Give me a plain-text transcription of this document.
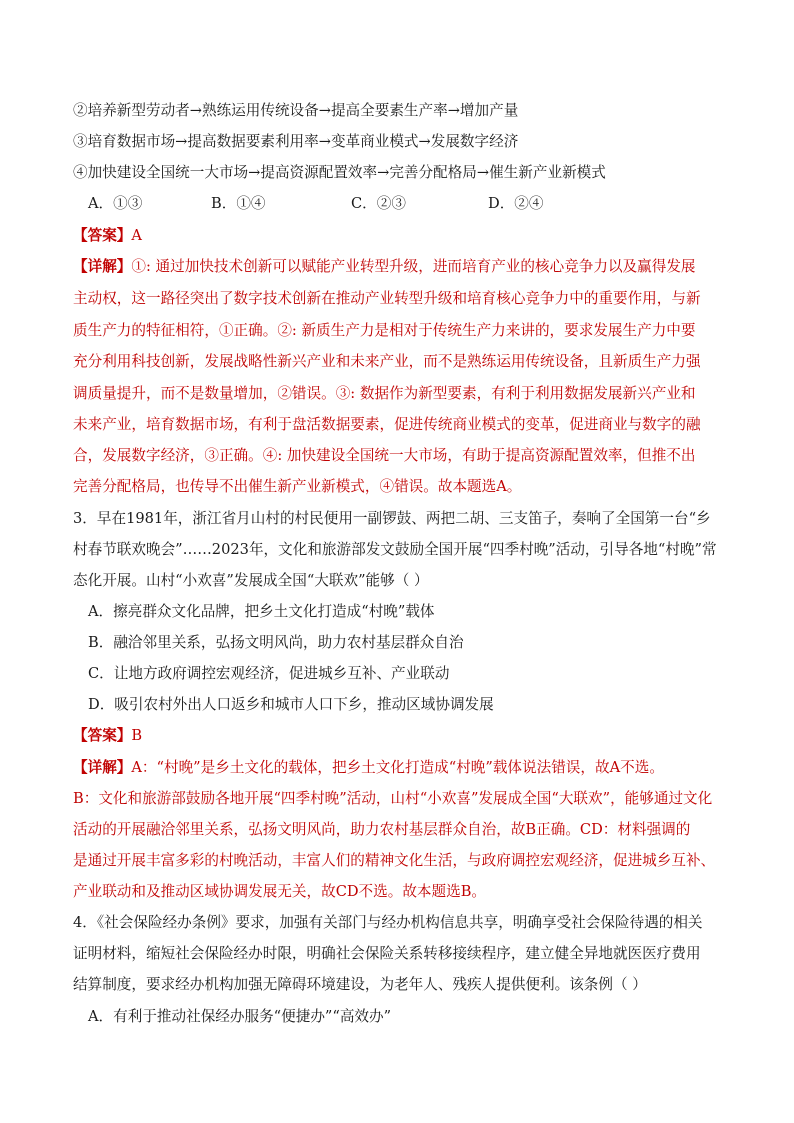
②培养新型劳动者→熟练运用传统设备→提高全要素生产率→增加产量
③培育数据市场→提高数据要素利用率→变革商业模式→发展数字经济
④加快建设全国统一大市场→提高资源配置效率→完善分配格局→催生新产业新模式
A．①③	B．①④	C．②③	D．②④
【答案】A
【详解】①: 通过加快技术创新可以赋能产业转型升级，进而培育产业的核心竞争力以及赢得发展
主动权，这一路径突出了数字技术创新在推动产业转型升级和培育核心竞争力中的重要作用，与新
质生产力的特征相符，①正确。②: 新质生产力是相对于传统生产力来讲的，要求发展生产力中要
充分利用科技创新，发展战略性新兴产业和未来产业，而不是熟练运用传统设备，且新质生产力强
调质量提升，而不是数量增加，②错误。③: 数据作为新型要素，有利于利用数据发展新兴产业和
未来产业，培育数据市场，有利于盘活数据要素，促进传统商业模式的变革，促进商业与数字的融
合，发展数字经济，③正确。④: 加快建设全国统一大市场，有助于提高资源配置效率，但推不出
完善分配格局，也传导不出催生新产业新模式，④错误。故本题选A。
3．早在1981年，浙江省月山村的村民便用一副锣鼓、两把二胡、三支笛子，奏响了全国第一台“乡
村春节联欢晚会”……2023年，文化和旅游部发文鼓励全国开展“四季村晚”活动，引导各地“村晚”常
态化开展。山村“小欢喜”发展成全国“大联欢”能够（ ）
A．擦亮群众文化品牌，把乡土文化打造成“村晚”载体
B．融洽邻里关系，弘扬文明风尚，助力农村基层群众自治
C．让地方政府调控宏观经济，促进城乡互补、产业联动
D．吸引农村外出人口返乡和城市人口下乡，推动区域协调发展
【答案】B
【详解】A：“村晚”是乡土文化的载体，把乡土文化打造成“村晚”载体说法错误，故A不选。
B：文化和旅游部鼓励各地开展“四季村晚”活动，山村“小欢喜”发展成全国“大联欢”，能够通过文化
活动的开展融洽邻里关系，弘扬文明风尚，助力农村基层群众自治，故B正确。CD：材料强调的
是通过开展丰富多彩的村晚活动，丰富人们的精神文化生活，与政府调控宏观经济，促进城乡互补、
产业联动和及推动区域协调发展无关，故CD不选。故本题选B。
4．《社会保险经办条例》要求，加强有关部门与经办机构信息共享，明确享受社会保险待遇的相关
证明材料，缩短社会保险经办时限，明确社会保险关系转移接续程序，建立健全异地就医医疗费用
结算制度，要求经办机构加强无障碍环境建设，为老年人、残疾人提供便利。该条例（ ）
A．有利于推动社保经办服务“便捷办”“高效办”
